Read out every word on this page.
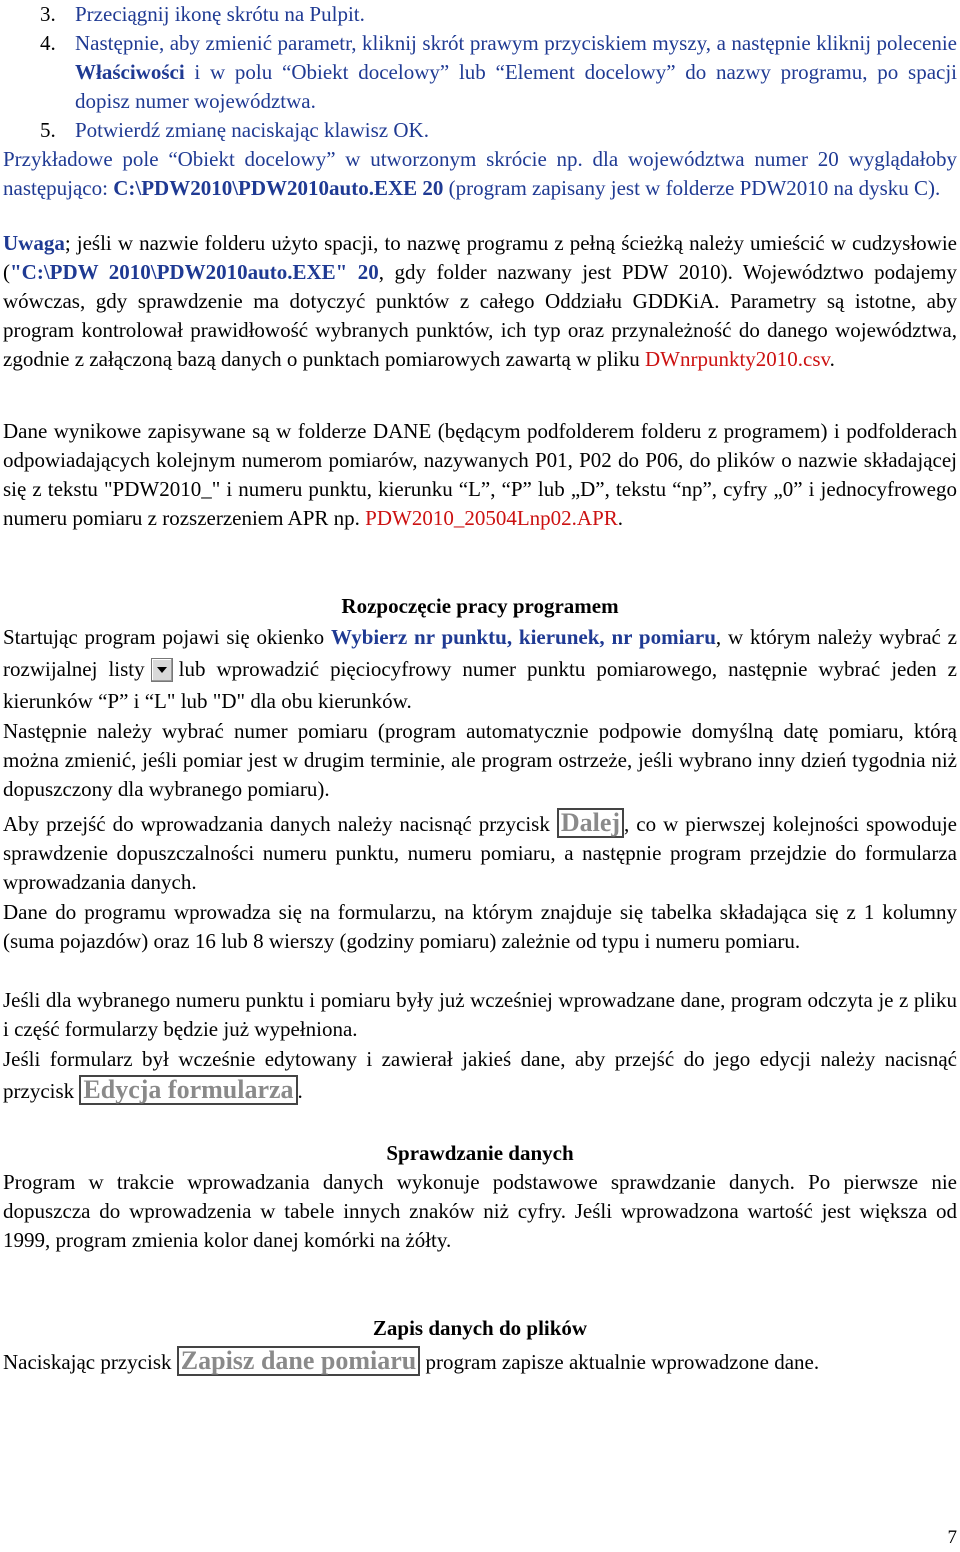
3. Przeciągnij ikonę skrótu na Pulpit.
4. Następnie, aby zmienić parametr, kliknij skrót prawym przyciskiem myszy, a następnie kliknij polecenie Właściwości i w polu “Obiekt docelowy” lub “Element docelowy” do nazwy programu, po spacji dopisz numer województwa.
5. Potwierdź zmianę naciskając klawisz OK.

Przykładowe pole “Obiekt docelowy” w utworzonym skrócie np. dla województwa numer 20 wyglądałoby następująco: C:\PDW2010\PDW2010auto.EXE 20 (program zapisany jest w folderze PDW2010 na dysku C).

Uwaga; jeśli w nazwie folderu użyto spacji, to nazwę programu z pełną ścieżką należy umieścić w cudzysłowie ("C:\PDW 2010\PDW2010auto.EXE" 20, gdy folder nazwany jest PDW 2010). Województwo podajemy wówczas, gdy sprawdzenie ma dotyczyć punktów z całego Oddziału GDDKiA. Parametry są istotne, aby program kontrolował prawidłowość wybranych punktów, ich typ oraz przynależność do danego województwa, zgodnie z załączoną bazą danych o punktach pomiarowych zawartą w pliku DWnrpunkty2010.csv.

Dane wynikowe zapisywane są w folderze DANE (będącym podfolderem folderu z programem) i podfolderach odpowiadających kolejnym numerom pomiarów, nazywanych P01, P02 do P06, do plików o nazwie składającej się z tekstu "PDW2010_" i numeru punktu, kierunku “L”, “P” lub „D”, tekstu “np”, cyfry „0” i jednocyfrowego numeru pomiaru z rozszerzeniem APR np. PDW2010_20504Lnp02.APR.

Rozpoczęcie pracy programem

Startując program pojawi się okienko Wybierz nr punktu, kierunek, nr pomiaru, w którym należy wybrać z rozwijalnej listy lub wprowadzić pięciocyfrowy numer punktu pomiarowego, następnie wybrać jeden z kierunków “P” i “L" lub "D" dla obu kierunków.

Następnie należy wybrać numer pomiaru (program automatycznie podpowie domyślną datę pomiaru, którą można zmienić, jeśli pomiar jest w drugim terminie, ale program ostrzeże, jeśli wybrano inny dzień tygodnia niż dopuszczony dla wybranego pomiaru).

Aby przejść do wprowadzania danych należy nacisnąć przycisk Dalej , co w pierwszej kolejności spowoduje sprawdzenie dopuszczalności numeru punktu, numeru pomiaru, a następnie program przejdzie do formularza wprowadzania danych.

Dane do programu wprowadza się na formularzu, na którym znajduje się tabelka składająca się z 1 kolumny (suma pojazdów) oraz 16 lub 8 wierszy (godziny pomiaru) zależnie od typu i numeru pomiaru.

Jeśli dla wybranego numeru punktu i pomiaru były już wcześniej wprowadzane dane, program odczyta je z pliku i część formularzy będzie już wypełniona.

Jeśli formularz był wcześnie edytowany i zawierał jakieś dane, aby przejść do jego edycji należy nacisnąć przycisk Edycja formularza .

Sprawdzanie danych

Program w trakcie wprowadzania danych wykonuje podstawowe sprawdzanie danych. Po pierwsze nie dopuszcza do wprowadzenia w tabele innych znaków niż cyfry. Jeśli wprowadzona wartość jest większa od 1999, program zmienia kolor danej komórki na żółty.

Zapis danych do plików

Naciskając przycisk Zapisz dane pomiaru program zapisze aktualnie wprowadzone dane.

7
